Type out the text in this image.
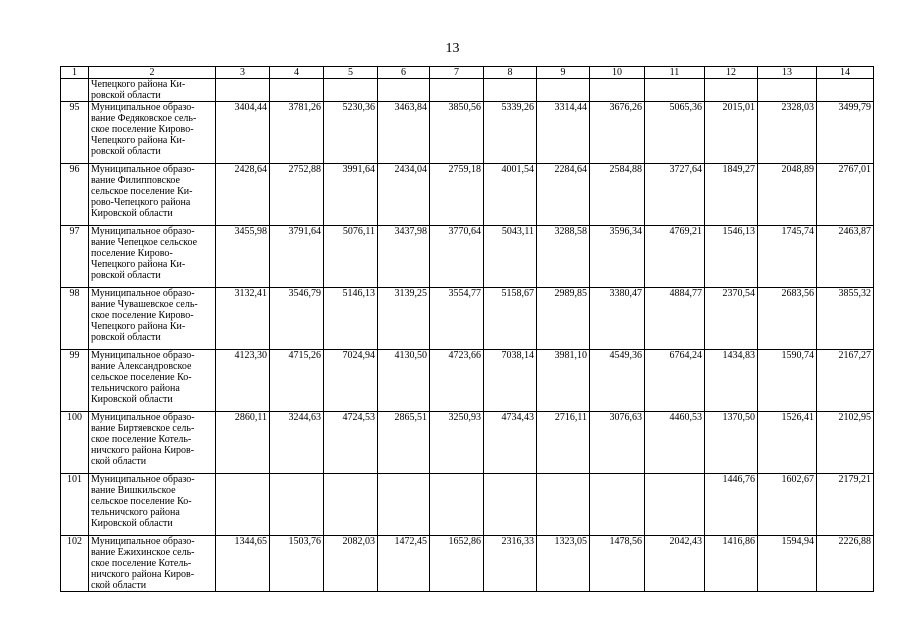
13
1	2	3	4	5	6	7	8	9	10	11	12	13	14
	Чепецкого района Ки-
ровской области												
95	Муниципальное образо-
вание Федяковское сель-
ское поселение Кирово-
Чепецкого района Ки-
ровской области	3404,44	3781,26	5230,36	3463,84	3850,56	5339,26	3314,44	3676,26	5065,36	2015,01	2328,03	3499,79
96	Муниципальное образо-
вание Филипповское
сельское поселение Ки-
рово-Чепецкого района
Кировской области	2428,64	2752,88	3991,64	2434,04	2759,18	4001,54	2284,64	2584,88	3727,64	1849,27	2048,89	2767,01
97	Муниципальное образо-
вание Чепецкое сельское
поселение Кирово-
Чепецкого района Ки-
ровской области	3455,98	3791,64	5076,11	3437,98	3770,64	5043,11	3288,58	3596,34	4769,21	1546,13	1745,74	2463,87
98	Муниципальное образо-
вание Чувашевское сель-
ское поселение Кирово-
Чепецкого района Ки-
ровской области	3132,41	3546,79	5146,13	3139,25	3554,77	5158,67	2989,85	3380,47	4884,77	2370,54	2683,56	3855,32
99	Муниципальное образо-
вание Александровское
сельское поселение Ко-
тельничского района
Кировской области	4123,30	4715,26	7024,94	4130,50	4723,66	7038,14	3981,10	4549,36	6764,24	1434,83	1590,74	2167,27
100	Муниципальное образо-
вание Биртяевское сель-
ское поселение Котель-
ничского района Киров-
ской области	2860,11	3244,63	4724,53	2865,51	3250,93	4734,43	2716,11	3076,63	4460,53	1370,50	1526,41	2102,95
101	Муниципальное образо-
вание Вишкильское
сельское поселение Ко-
тельничского района
Кировской области										1446,76	1602,67	2179,21
102	Муниципальное образо-
вание Ежихинское сель-
ское поселение Котель-
ничского района Киров-
ской области	1344,65	1503,76	2082,03	1472,45	1652,86	2316,33	1323,05	1478,56	2042,43	1416,86	1594,94	2226,88
